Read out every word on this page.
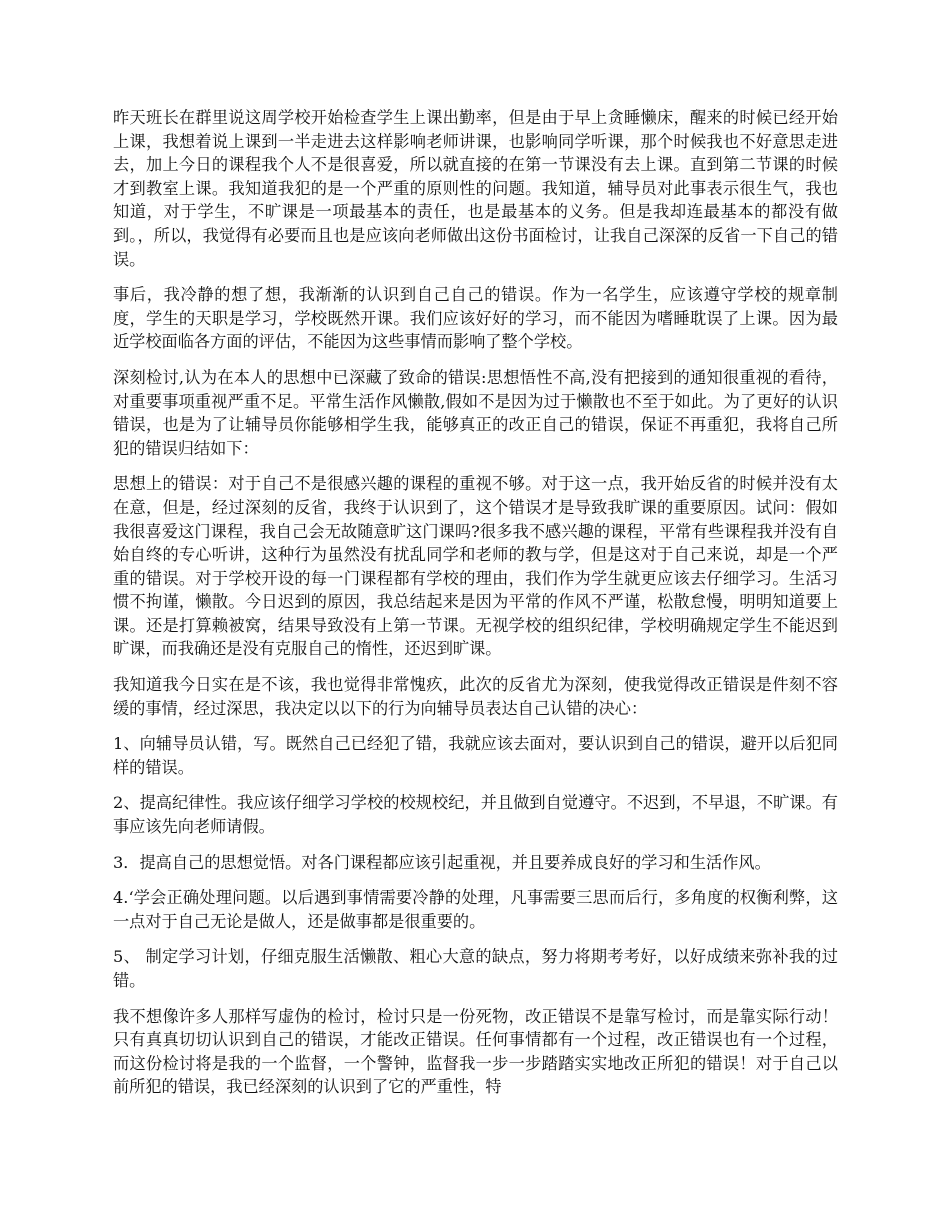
昨天班长在群里说这周学校开始检查学生上课出勤率，但是由于早上贪睡懒床，醒来的时候已经开始上课，我想着说上课到一半走进去这样影响老师讲课，也影响同学听课，那个时候我也不好意思走进去，加上今日的课程我个人不是很喜爱，所以就直接的在第一节课没有去上课。直到第二节课的时候才到教室上课。我知道我犯的是一个严重的原则性的问题。我知道，辅导员对此事表示很生气，我也知道，对于学生，不旷课是一项最基本的责任，也是最基本的义务。但是我却连最基本的都没有做到。，所以，我觉得有必要而且也是应该向老师做出这份书面检讨，让我自己深深的反省一下自己的错误。

事后，我冷静的想了想，我渐渐的认识到自己自己的错误。作为一名学生，应该遵守学校的规章制度，学生的天职是学习，学校既然开课。我们应该好好的学习，而不能因为嗜睡耽误了上课。因为最近学校面临各方面的评估，不能因为这些事情而影响了整个学校。

深刻检讨,认为在本人的思想中已深藏了致命的错误:思想悟性不高,没有把接到的通知很重视的看待，对重要事项重视严重不足。平常生活作风懒散,假如不是因为过于懒散也不至于如此。为了更好的认识错误，也是为了让辅导员你能够相学生我，能够真正的改正自己的错误，保证不再重犯，我将自己所犯的错误归结如下：

思想上的错误：对于自己不是很感兴趣的课程的重视不够。对于这一点，我开始反省的时候并没有太在意，但是，经过深刻的反省，我终于认识到了，这个错误才是导致我旷课的重要原因。试问：假如我很喜爱这门课程，我自己会无故随意旷这门课吗?很多我不感兴趣的课程，平常有些课程我并没有自始自终的专心听讲，这种行为虽然没有扰乱同学和老师的教与学，但是这对于自己来说，却是一个严重的错误。对于学校开设的每一门课程都有学校的理由，我们作为学生就更应该去仔细学习。生活习惯不拘谨，懒散。今日迟到的原因，我总结起来是因为平常的作风不严谨，松散怠慢，明明知道要上课。还是打算赖被窝，结果导致没有上第一节课。无视学校的组织纪律，学校明确规定学生不能迟到旷课，而我确还是没有克服自己的惰性，还迟到旷课。

我知道我今日实在是不该，我也觉得非常愧疚，此次的反省尤为深刻，使我觉得改正错误是件刻不容缓的事情，经过深思，我决定以以下的行为向辅导员表达自己认错的决心：

1、向辅导员认错，写。既然自己已经犯了错，我就应该去面对，要认识到自己的错误，避开以后犯同样的错误。

2、提高纪律性。我应该仔细学习学校的校规校纪，并且做到自觉遵守。不迟到，不早退，不旷课。有事应该先向老师请假。

3．提高自己的思想觉悟。对各门课程都应该引起重视，并且要养成良好的学习和生活作风。

4.‘学会正确处理问题。以后遇到事情需要冷静的处理，凡事需要三思而后行，多角度的权衡利弊，这一点对于自己无论是做人，还是做事都是很重要的。

5、 制定学习计划，仔细克服生活懒散、粗心大意的缺点，努力将期考考好，以好成绩来弥补我的过错。

我不想像许多人那样写虚伪的检讨，检讨只是一份死物，改正错误不是靠写检讨，而是靠实际行动！只有真真切切认识到自己的错误，才能改正错误。任何事情都有一个过程，改正错误也有一个过程，而这份检讨将是我的一个监督，一个警钟，监督我一步一步踏踏实实地改正所犯的错误！对于自己以前所犯的错误，我已经深刻的认识到了它的严重性，特
